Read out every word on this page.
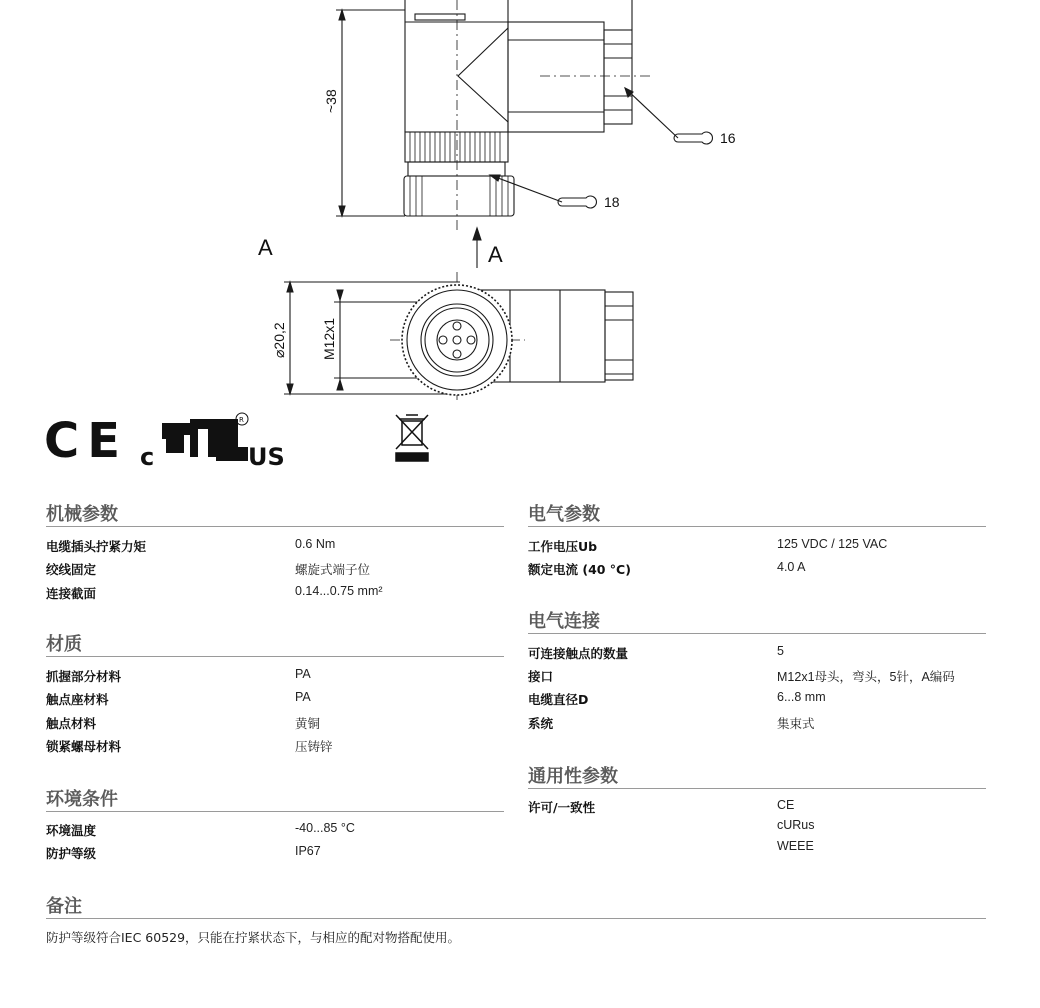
~38
⌀20,2 M12x1
16
18
A	A
CE c
R
US
机械参数
电缆插头拧紧力矩	0.6 Nm
绞线固定	螺旋式端子位
连接截面	0.14...0.75 mm²
材质
抓握部分材料	PA
触点座材料	PA
触点材料	黄铜
锁紧螺母材料	压铸锌
环境条件
环境温度	-40...85 °C
防护等级	IP67
电气参数
工作电压Ub	125 VDC / 125 VAC
额定电流 (40 °C)	4.0 A
电气连接
可连接触点的数量	5
接口	M12x1母头，弯头，5针，A编码
电缆直径D	6...8 mm
系统	集束式
通用性参数
许可/一致性	CE
cURus
WEEE
备注
防护等级符合IEC 60529，只能在拧紧状态下，与相应的配对物搭配使用。
